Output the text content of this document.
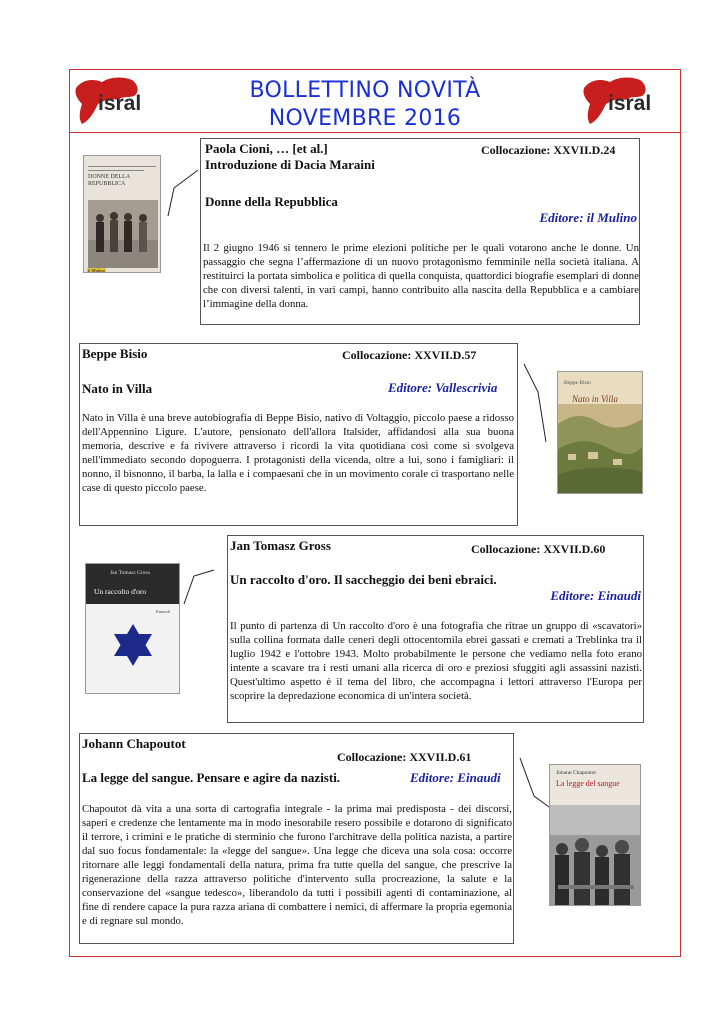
isral	isral
BOLLETTINO NOVITÀ
NOVEMBRE 2016
DONNE DELLA REPUBBLICA
il Mulino
Paola Cioni, … [et al.]	Collocazione: XXVII.D.24
Introduzione di Dacia Maraini
Donne della Repubblica
Editore: il Mulino
Il 2 giugno 1946 si tennero le prime elezioni politiche per le quali votarono anche le donne. Un passaggio che segna l’affermazione di un nuovo protagonismo femminile nella società italiana. A restituirci la portata simbolica e politica di quella conquista, quattordici biografie esemplari di donne che con diversi talenti, in vari campi, hanno contribuito alla nascita della Repubblica e a cambiare l’immagine della donna.
Beppe Bisio	Collocazione: XXVII.D.57
Nato in Villa	Editore: Vallescrivia
Nato in Villa è una breve autobiografia di Beppe Bisio, nativo di Voltaggio, piccolo paese a ridosso dell'Appennino Ligure. L'autore, pensionato dell'allora Italsider, affidandosi alla sua buona memoria, descrive e fa rivivere attraverso i ricordi la vita quotidiana così come si svolgeva nell'immediato secondo dopoguerra. I protagonisti della vicenda, oltre a lui, sono i famigliari: il nonno, il bisnonno, il barba, la lalla e i compaesani che in un movimento corale ci trasportano nelle case di questo piccolo paese.
Beppe Bisio
Nato in Villa
Jan Tomasz Gross
Un raccolto d'oro
Einaudi
Jan Tomasz Gross	Collocazione: XXVII.D.60
Un raccolto d'oro. Il saccheggio dei beni ebraici.
Editore: Einaudi
Il punto di partenza di Un raccolto d'oro è una fotografia che ritrae un gruppo di «scavatori» sulla collina formata dalle ceneri degli ottocentomila ebrei gassati e cremati a Treblinka tra il luglio 1942 e l'ottobre 1943. Molto probabilmente le persone che vediamo nella foto erano intente a scavare tra i resti umani alla ricerca di oro e preziosi sfuggiti agli assassini nazisti. Quest'ultimo aspetto è il tema del libro, che accompagna i lettori attraverso l'Europa per scoprire la depredazione economica di un'intera società.
Johann Chapoutot
Collocazione: XXVII.D.61
La legge del sangue. Pensare e agire da nazisti.	Editore: Einaudi
Chapoutot dà vita a una sorta di cartografia integrale - la prima mai predisposta - dei discorsi, saperi e credenze che lentamente ma in modo inesorabile resero possibile e dotarono di significato il terrore, i crimini e le pratiche di sterminio che furono l'architrave della politica nazista, a partire dal suo focus fondamentale: la «legge del sangue». Una legge che diceva una sola cosa: occorre ritornare alle leggi fondamentali della natura, prima fra tutte quella del sangue, che prescrive la rigenerazione della razza attraverso politiche d'intervento sulla procreazione, la salute e la conservazione del «sangue tedesco», liberandolo da tutti i possibili agenti di contaminazione, al fine di rendere capace la pura razza ariana di combattere i nemici, di affermare la propria egemonia e di regnare sul mondo.
Johann Chapoutot
La legge del sangue
